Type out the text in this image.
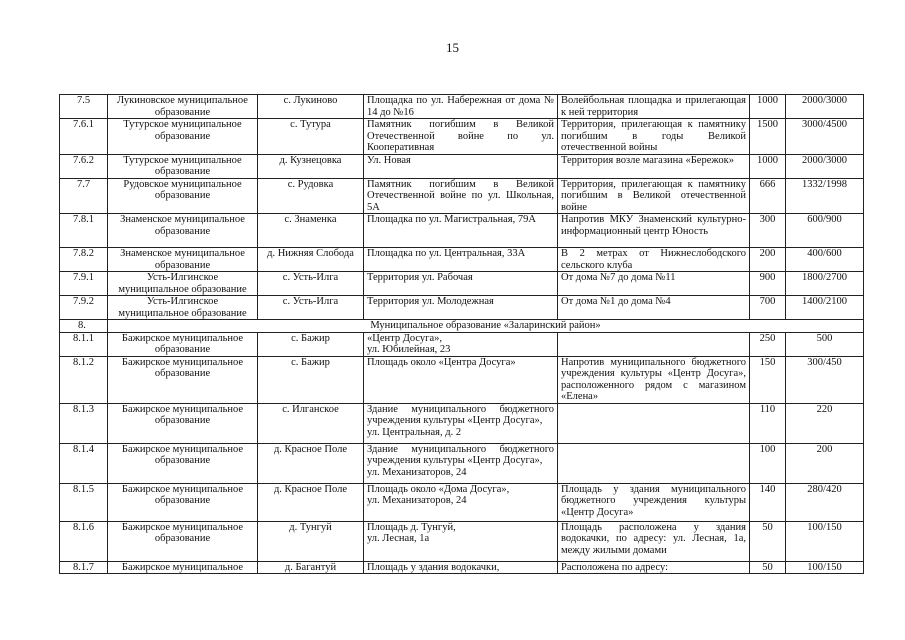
15
7.5	Лукиновское муниципальное образование	с. Лукиново	Площадка по ул. Набережная от дома № 14 до №16	Волейбольная площадка и прилегающая к ней территория	1000	2000/3000
7.6.1	Тутурское муниципальное образование	с. Тутура	Памятник погибшим в Великой Отечественной войне по ул. Кооперативная	Территория, прилегающая к памятнику погибшим в годы Великой отечественной войны	1500	3000/4500
7.6.2	Тутурское муниципальное образование	д. Кузнецовка	Ул. Новая	Территория возле магазина «Бережок»	1000	2000/3000
7.7	Рудовское муниципальное образование	с. Рудовка	Памятник погибшим в Великой Отечественной войне по ул. Школьная, 5А	Территория, прилегающая к памятнику погибшим в Великой отечественной войне	666	1332/1998
7.8.1	Знаменское муниципальное образование	с. Знаменка	Площадка по ул. Магистральная, 79А	Напротив МКУ Знаменский культурно-информационный центр Юность	300	600/900
7.8.2	Знаменское муниципальное образование	д. Нижняя Слобода	Площадка по ул. Центральная, 33А	В 2 метрах от Нижнеслободского сельского клуба	200	400/600
7.9.1	Усть-Илгинское муниципальное образование	с. Усть-Илга	Территория ул. Рабочая	От дома №7 до дома №11	900	1800/2700
7.9.2	Усть-Илгинское муниципальное образование	с. Усть-Илга	Территория ул. Молодежная	От дома №1 до дома №4	700	1400/2100
8.	Муниципальное образование «Заларинский район»					
8.1.1	Бажирское муниципальное образование	с. Бажир	«Центр Досуга»,
ул. Юбилейная, 23		250	500
8.1.2	Бажирское муниципальное образование	с. Бажир	Площадь около «Центра Досуга»	Напротив муниципального бюджетного учреждения культуры «Центр Досуга», расположенного рядом с магазином «Елена»	150	300/450
8.1.3	Бажирское муниципальное образование	с. Илганское	Здание муниципального бюджетного учреждения культуры «Центр Досуга»,
ул. Центральная, д. 2		110	220
8.1.4	Бажирское муниципальное образование	д. Красное Поле	Здание муниципального бюджетного учреждения культуры «Центр Досуга»,
ул. Механизаторов, 24		100	200
8.1.5	Бажирское муниципальное образование	д. Красное Поле	Площадь около «Дома Досуга»,
ул. Механизаторов, 24	Площадь у здания муниципального бюджетного учреждения культуры «Центр Досуга»	140	280/420
8.1.6	Бажирское муниципальное образование	д. Тунгуй	Площадь д. Тунгуй,
ул. Лесная, 1а	Площадь расположена у здания водокачки, по адресу: ул. Лесная, 1а, между жилыми домами	50	100/150
8.1.7	Бажирское муниципальное	д. Багантуй	Площадь у здания водокачки,	Расположена по адресу:	50	100/150
